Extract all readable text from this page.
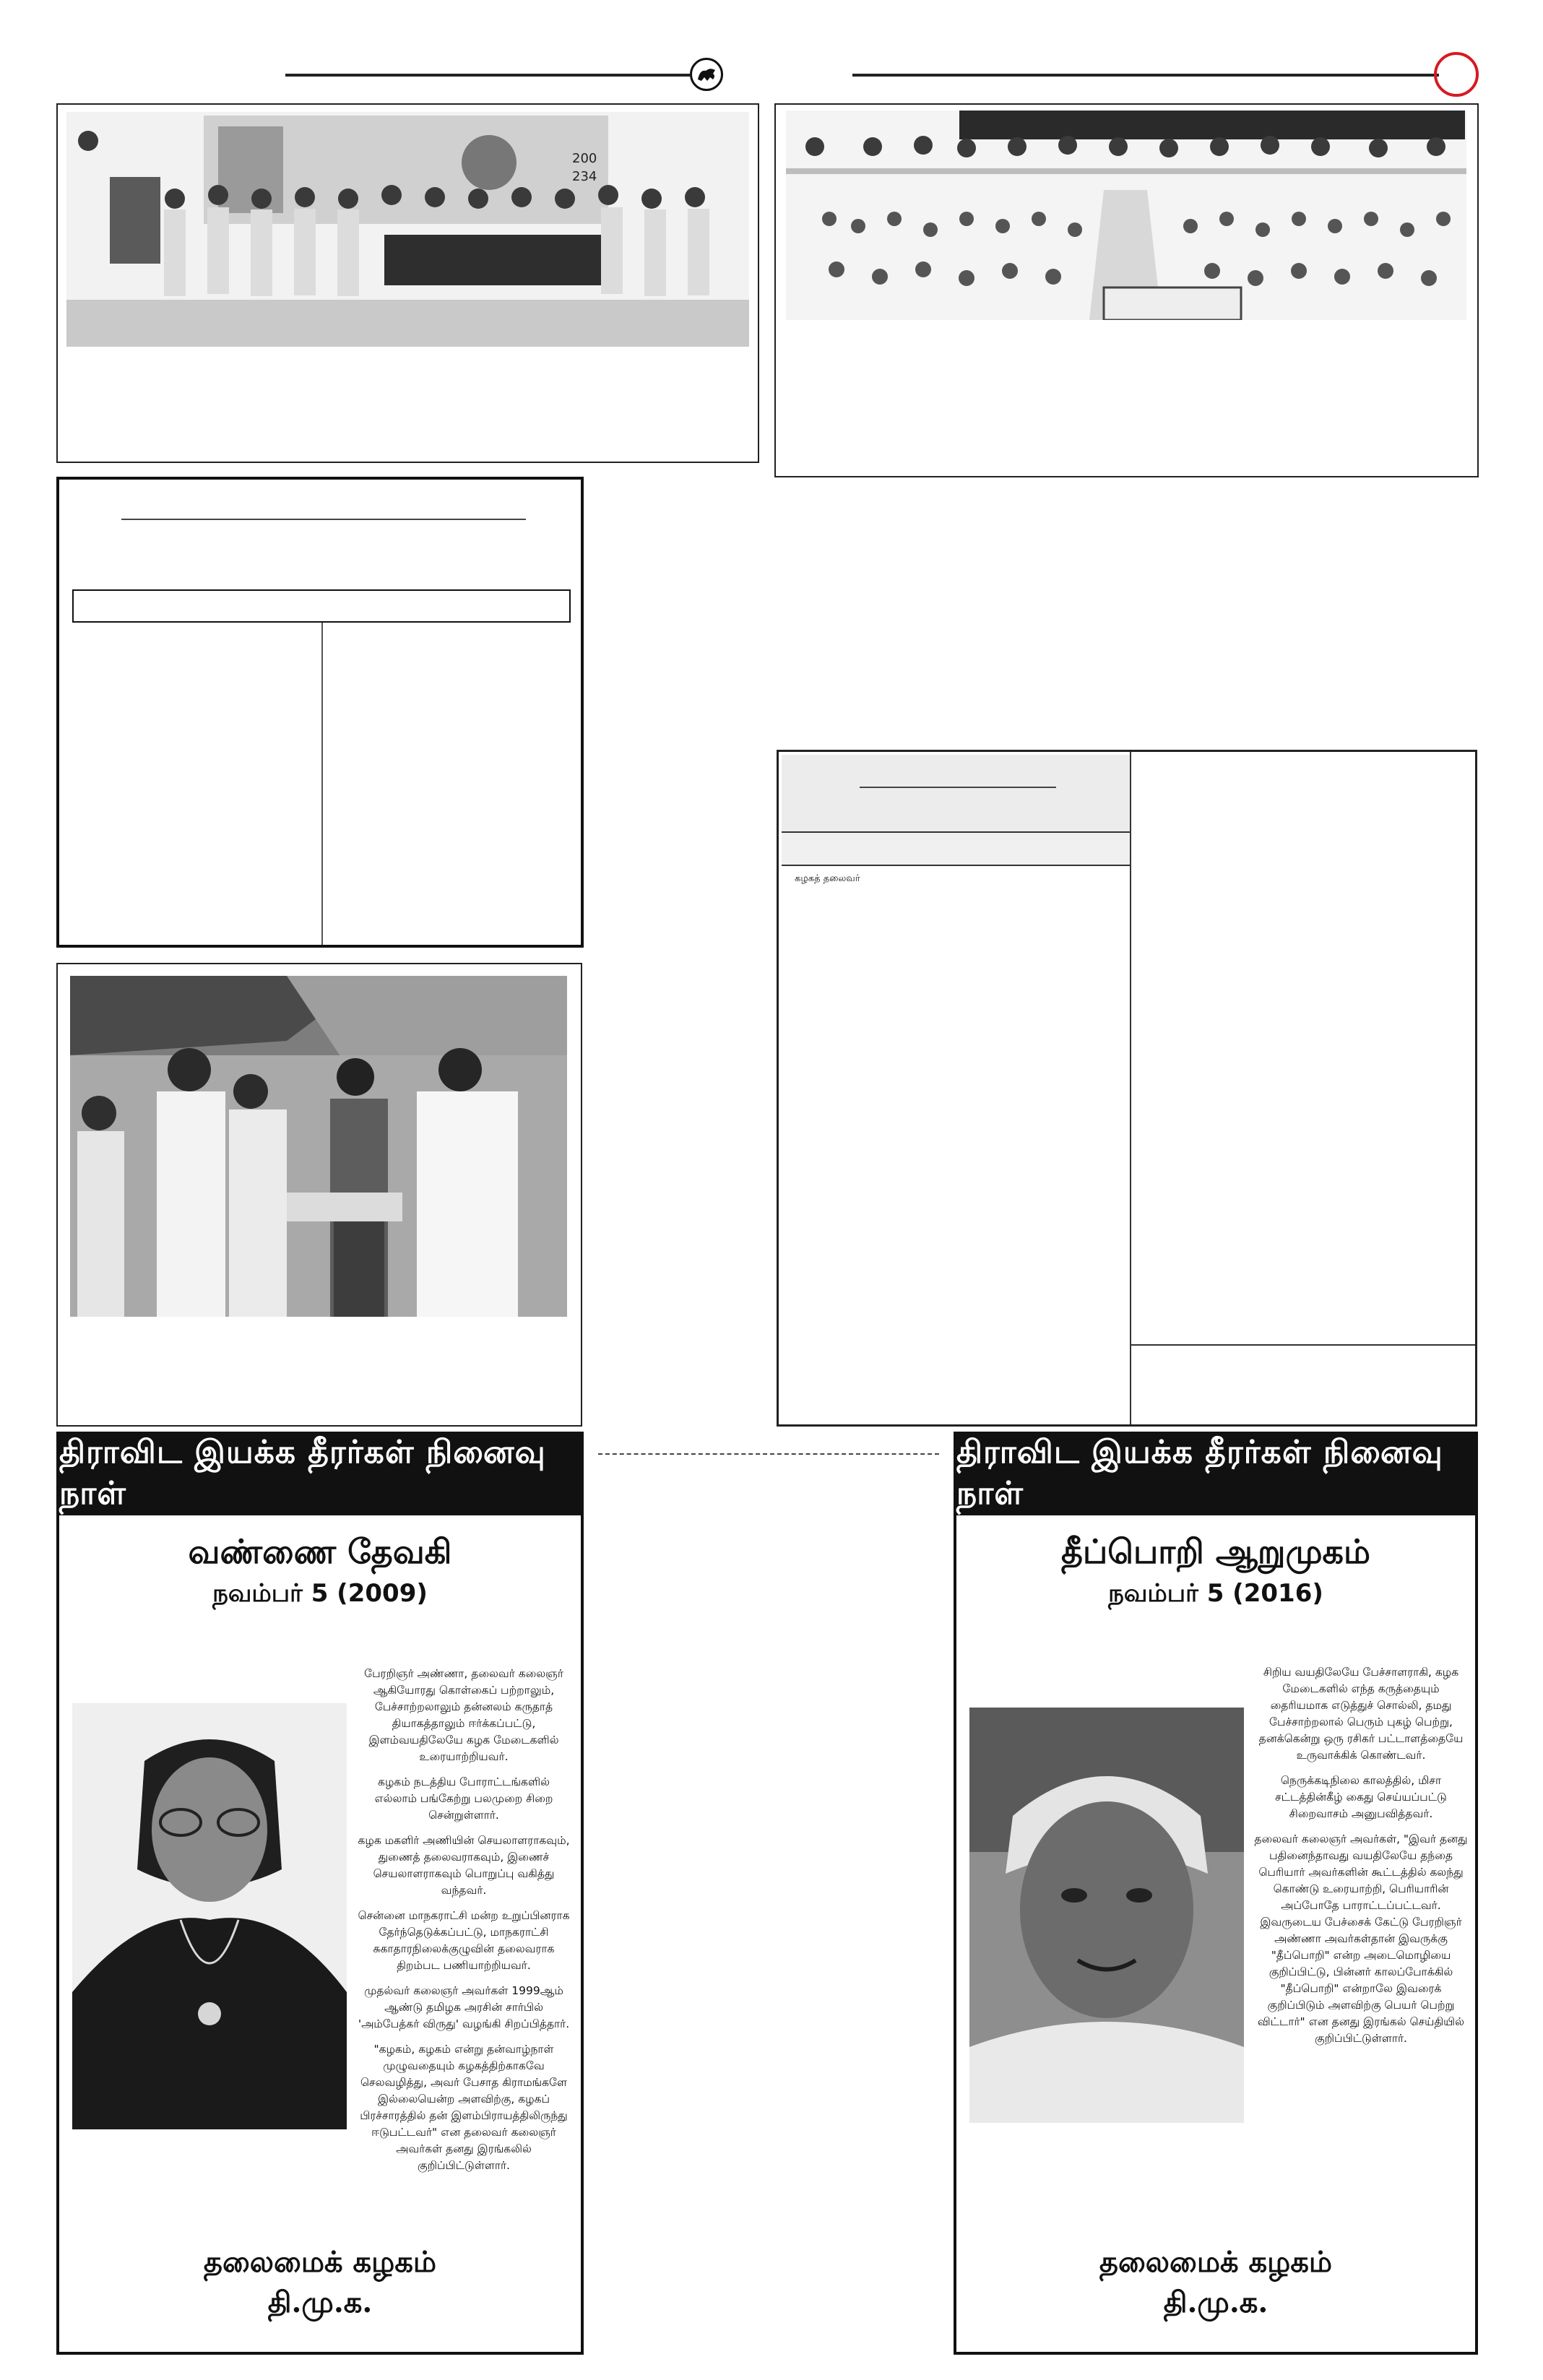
200
234
கழகத் தலைவர்
திராவிட இயக்க தீரர்கள் நினைவு நாள்
வண்ணை தேவகி
நவம்பர் 5 (2009)

பேரறிஞர் அண்ணா, தலைவர் கலைஞர் ஆகியோரது கொள்கைப் பற்றாலும், பேச்சாற்றலாலும் தன்னலம் கருதாத் தியாகத்தாலும் ஈர்க்கப்பட்டு, இளம்வயதிலேயே கழக மேடைகளில் உரையாற்றியவர்.

கழகம் நடத்திய போராட்டங்களில் எல்லாம் பங்கேற்று பலமுறை சிறை சென்றுள்ளார்.

கழக மகளிர் அணியின் செயலாளராகவும், துணைத் தலைவராகவும், இணைச் செயலாளராகவும் பொறுப்பு வகித்து வந்தவர்.

சென்னை மாநகராட்சி மன்ற உறுப்பினராக தேர்ந்தெடுக்கப்பட்டு, மாநகராட்சி சுகாதாரநிலைக்குழுவின் தலைவராக திறம்பட பணியாற்றியவர்.

முதல்வர் கலைஞர் அவர்கள் 1999ஆம் ஆண்டு தமிழக அரசின் சார்பில் 'அம்பேத்கர் விருது' வழங்கி சிறப்பித்தார்.

"கழகம், கழகம் என்று தன்வாழ்நாள் முழுவதையும் கழகத்திற்காகவே செலவழித்து, அவர் பேசாத கிராமங்களே இல்லையென்ற அளவிற்கு, கழகப் பிரச்சாரத்தில் தன் இளம்பிராயத்திலிருந்து ஈடுபட்டவர்" என தலைவர் கலைஞர் அவர்கள் தனது இரங்கலில் குறிப்பிட்டுள்ளார்.

தலைமைக் கழகம்
தி.மு.க.
திராவிட இயக்க தீரர்கள் நினைவு நாள்
தீப்பொறி ஆறுமுகம்
நவம்பர் 5 (2016)

சிறிய வயதிலேயே பேச்சாளராகி, கழக மேடைகளில் எந்த கருத்தையும் தைரியமாக எடுத்துச் சொல்லி, தமது பேச்சாற்றலால் பெரும் புகழ் பெற்று, தனக்கென்று ஒரு ரசிகர் பட்டாளத்தையே உருவாக்கிக் கொண்டவர்.

நெருக்கடிநிலை காலத்தில், மிசா சட்டத்தின்கீழ் கைது செய்யப்பட்டு சிறைவாசம் அனுபவித்தவர்.

தலைவர் கலைஞர் அவர்கள், "இவர் தனது பதினைந்தாவது வயதிலேயே தந்தை பெரியார் அவர்களின் கூட்டத்தில் கலந்து கொண்டு உரையாற்றி, பெரியாரின் அப்போதே பாராட்டப்பட்டவர். இவருடைய பேச்சைக் கேட்டு பேரறிஞர் அண்ணா அவர்கள்தான் இவருக்கு "தீப்பொறி" என்ற அடைமொழியை குறிப்பிட்டு, பின்னர் காலப்போக்கில் "தீப்பொறி" என்றாலே இவரைக் குறிப்பிடும் அளவிற்கு பெயர் பெற்று விட்டார்" என தனது இரங்கல் செய்தியில் குறிப்பிட்டுள்ளார்.

தலைமைக் கழகம்
தி.மு.க.
